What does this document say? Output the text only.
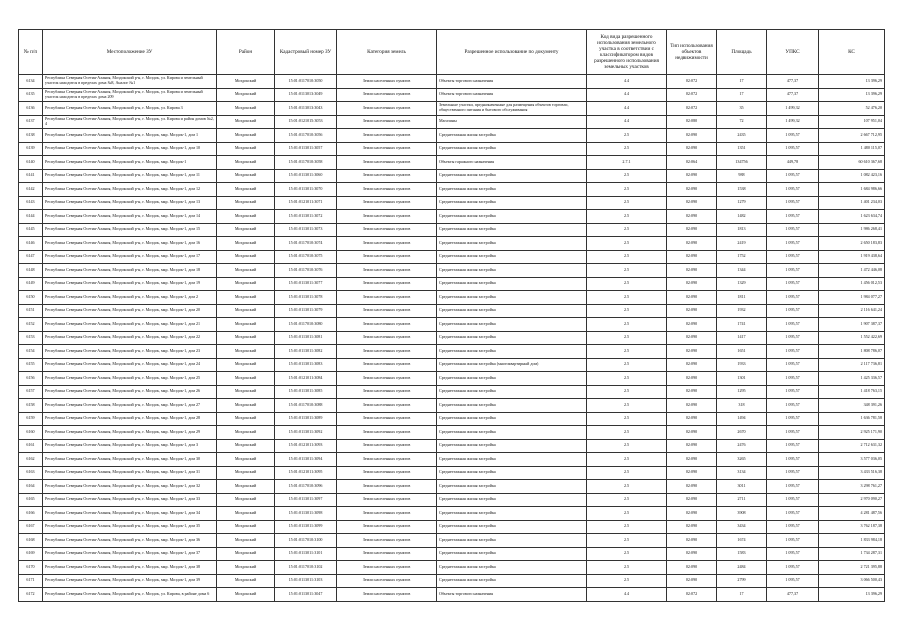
№ п/п	Местоположение ЗУ	Район	Кадастровый номер ЗУ	Категория земель	Разрешенное использование по документу	Код вида разрешенного использования земельного участка в соответствии с классификатором видов разрешенного использования земельных участков	Тип использования объектов недвижимости	Площадь	УПКС	КС
6134	Республика Северная Осетия-Алания, Моздокский р-н, г. Моздок, ул. Кирова и земельный участок находится в пределах дома №8, Аналог №1	Моздокский	15:01:0117010:3050	Земли населенных пунктов	Объекты торгового назначения	4.4	02:072	17	477,37	13 396,29
6135	Республика Северная Осетия-Алания, Моздокский р-н, г. Моздок, ул. Кирова и земельный участок находится в пределах дома 209	Моздокский	15:01:0113013:3049	Земли населенных пунктов	Объекты торгового назначения	4.4	02:072	17	477,37	13 396,29
6136	Республика Северная Осетия-Алания, Моздокский р-н, г. Моздок, ул. Кирова 3	Моздокский	15:01:0113013:3043	Земли населенных пунктов	Земельные участки, предназначенные для размещения объектов торговли, общественного питания и бытового обслуживания	4.4	02:072	35	1 499,32	52 476,20
6137	Республика Северная Осетия-Алания, Моздокский р-н, г. Моздок, ул. Кирова и район домов №2, 4	Моздокский	15:01:0121015:3053	Земли населенных пунктов	Магазины	4.4	02:080	72	1 499,32	107 951,04
6138	Республика Северная Осетия-Алания, Моздокский р-н, г. Моздок, мкр. Моздок-1, дом 1	Моздокский	15:01:0117010:3056	Земли населенных пунктов	Среднеэтажная жилая застройка	2.5	02:090	2435	1 095,57	2 667 712,95
6139	Республика Северная Осетия-Алания, Моздокский р-н, г. Моздок, мкр. Моздок-1, дом 10	Моздокский	15:01:0113011:3057	Земли населенных пунктов	Среднеэтажная жилая застройка	2.5	02:090	1351	1 095,57	1 480 115,07
6140	Республика Северная Осетия-Алания, Моздокский р-н, г. Моздок, мкр. Моздок-1	Моздокский	15:01:0117010:3058	Земли населенных пунктов	Объекты гаражного назначения	2.7.1	02:064	134756	449,78	60 610 367,68
6141	Республика Северная Осетия-Алания, Моздокский р-н, г. Моздок, мкр. Моздок-1, дом 11	Моздокский	15:01:0113011:3060	Земли населенных пунктов	Среднеэтажная жилая застройка	2.5	02:090	988	1 095,57	1 082 423,16
6142	Республика Северная Осетия-Алания, Моздокский р-н, г. Моздок, мкр. Моздок-1, дом 12	Моздокский	15:01:0113011:3070	Земли населенных пунктов	Среднеэтажная жилая застройка	2.5	02:090	1538	1 095,57	1 684 986,66
6143	Республика Северная Осетия-Алания, Моздокский р-н, г. Моздок, мкр. Моздок-1, дом 13	Моздокский	15:01:0121011:3071	Земли населенных пунктов	Среднеэтажная жилая застройка	2.5	02:090	1279	1 095,57	1 401 234,03
6144	Республика Северная Осетия-Алания, Моздокский р-н, г. Моздок, мкр. Моздок-1, дом 14	Моздокский	15:01:0113011:3072	Земли населенных пунктов	Среднеэтажная жилая застройка	2.5	02:090	1482	1 095,57	1 623 634,74
6145	Республика Северная Осетия-Алания, Моздокский р-н, г. Моздок, мкр. Моздок-1, дом 15	Моздокский	15:01:0113011:3073	Земли населенных пунктов	Среднеэтажная жилая застройка	2.5	02:090	1813	1 095,57	1 986 268,41
6146	Республика Северная Осетия-Алания, Моздокский р-н, г. Моздок, мкр. Моздок-1, дом 16	Моздокский	15:01:0117010:3074	Земли населенных пунктов	Среднеэтажная жилая застройка	2.5	02:090	2419	1 095,57	2 650 183,83
6147	Республика Северная Осетия-Алания, Моздокский р-н, г. Моздок, мкр. Моздок-1, дом 17	Моздокский	15:01:0117010:3075	Земли населенных пунктов	Среднеэтажная жилая застройка	2.5	02:090	1752	1 095,57	1 919 438,64
6148	Республика Северная Осетия-Алания, Моздокский р-н, г. Моздок, мкр. Моздок-1, дом 18	Моздокский	15:01:0117010:3076	Земли населенных пунктов	Среднеэтажная жилая застройка	2.5	02:090	1344	1 095,57	1 472 446,08
6149	Республика Северная Осетия-Алания, Моздокский р-н, г. Моздок, мкр. Моздок-1, дом 19	Моздокский	15:01:0113011:3077	Земли населенных пунктов	Среднеэтажная жилая застройка	2.5	02:090	1329	1 095,57	1 456 012,53
6150	Республика Северная Осетия-Алания, Моздокский р-н, г. Моздок, мкр. Моздок-1, дом 2	Моздокский	15:01:0113011:3078	Земли населенных пунктов	Среднеэтажная жилая застройка	2.5	02:090	1811	1 095,57	1 984 077,27
6151	Республика Северная Осетия-Алания, Моздокский р-н, г. Моздок, мкр. Моздок-1, дом 20	Моздокский	15:01:0113011:3079	Земли населенных пунктов	Среднеэтажная жилая застройка	2.5	02:090	1932	1 095,57	2 116 641,24
6152	Республика Северная Осетия-Алания, Моздокский р-н, г. Моздок, мкр. Моздок-1, дом 21	Моздокский	15:01:0117010:3080	Земли населенных пунктов	Среднеэтажная жилая застройка	2.5	02:090	1741	1 095,57	1 907 387,37
6153	Республика Северная Осетия-Алания, Моздокский р-н, г. Моздок, мкр. Моздок-1, дом 22	Моздокский	15:01:0113011:3081	Земли населенных пунктов	Среднеэтажная жилая застройка	2.5	02:090	1417	1 095,57	1 552 422,69
6154	Республика Северная Осетия-Алания, Моздокский р-н, г. Моздок, мкр. Моздок-1, дом 23	Моздокский	15:01:0113011:3082	Земли населенных пунктов	Среднеэтажная жилая застройка	2.5	02:090	1651	1 095,57	1 808 786,07
6155	Республика Северная Осетия-Алания, Моздокский р-н, г. Моздок, мкр. Моздок-1, дом 24	Моздокский	15:01:0113011:3083	Земли населенных пунктов	Среднеэтажная жилая застройка (многоквартирный дом)	2.5	02:090	1933	1 095,57	2 117 736,81
6156	Республика Северная Осетия-Алания, Моздокский р-н, г. Моздок, мкр. Моздок-1, дом 25	Моздокский	15:01:0121011:3084	Земли населенных пунктов	Среднеэтажная жилая застройка	2.5	02:090	1301	1 095,57	1 425 336,57
6157	Республика Северная Осетия-Алания, Моздокский р-н, г. Моздок, мкр. Моздок-1, дом 26	Моздокский	15:01:0113011:3085	Земли населенных пунктов	Среднеэтажная жилая застройка	2.5	02:090	1295	1 095,57	1 418 763,15
6158	Республика Северная Осетия-Алания, Моздокский р-н, г. Моздок, мкр. Моздок-1, дом 27	Моздокский	15:01:0117010:3088	Земли населенных пунктов	Среднеэтажная жилая застройка	2.5	02:090	318	1 095,57	348 391,26
6159	Республика Северная Осетия-Алания, Моздокский р-н, г. Моздок, мкр. Моздок-1, дом 28	Моздокский	15:01:0113011:3089	Земли населенных пунктов	Среднеэтажная жилая застройка	2.5	02:090	1494	1 095,57	1 636 781,58
6160	Республика Северная Осетия-Алания, Моздокский р-н, г. Моздок, мкр. Моздок-1, дом 29	Моздокский	15:01:0113011:3092	Земли населенных пунктов	Среднеэтажная жилая застройка	2.5	02:090	2670	1 095,57	2 925 171,90
6161	Республика Северная Осетия-Алания, Моздокский р-н, г. Моздок, мкр. Моздок-1, дом 3	Моздокский	15:01:0121011:3093	Земли населенных пунктов	Среднеэтажная жилая застройка	2.5	02:090	2476	1 095,57	2 712 631,32
6162	Республика Северная Осетия-Алания, Моздокский р-н, г. Моздок, мкр. Моздок-1, дом 30	Моздокский	15:01:0113011:3094	Земли населенных пунктов	Среднеэтажная жилая застройка	2.5	02:090	3265	1 095,57	3 577 036,05
6163	Республика Северная Осетия-Алания, Моздокский р-н, г. Моздок, мкр. Моздок-1, дом 31	Моздокский	15:01:0121011:3095	Земли населенных пунктов	Среднеэтажная жилая застройка	2.5	02:090	3134	1 095,57	3 433 516,38
6164	Республика Северная Осетия-Алания, Моздокский р-н, г. Моздок, мкр. Моздок-1, дом 32	Моздокский	15:01:0117010:3096	Земли населенных пунктов	Среднеэтажная жилая застройка	2.5	02:090	3011	1 095,57	3 298 761,27
6165	Республика Северная Осетия-Алания, Моздокский р-н, г. Моздок, мкр. Моздок-1, дом 33	Моздокский	15:01:0113011:3097	Земли населенных пунктов	Среднеэтажная жилая застройка	2.5	02:090	2711	1 095,57	2 970 090,27
6166	Республика Северная Осетия-Алания, Моздокский р-н, г. Моздок, мкр. Моздок-1, дом 34	Моздокский	15:01:0113011:3098	Земли населенных пунктов	Среднеэтажная жилая застройка	2.5	02:090	3908	1 095,57	4 281 487,56
6167	Республика Северная Осетия-Алания, Моздокский р-н, г. Моздок, мкр. Моздок-1, дом 35	Моздокский	15:01:0113011:3099	Земли населенных пунктов	Среднеэтажная жилая застройка	2.5	02:090	3434	1 095,57	3 762 187,38
6168	Республика Северная Осетия-Алания, Моздокский р-н, г. Моздок, мкр. Моздок-1, дом 36	Моздокский	15:01:0117010:3100	Земли населенных пунктов	Среднеэтажная жилая застройка	2.5	02:090	1674	1 095,57	1 833 984,18
6169	Республика Северная Осетия-Алания, Моздокский р-н, г. Моздок, мкр. Моздок-1, дом 37	Моздокский	15:01:0113011:3101	Земли населенных пунктов	Среднеэтажная жилая застройка	2.5	02:090	1583	1 095,57	1 734 287,31
6170	Республика Северная Осетия-Алания, Моздокский р-н, г. Моздок, мкр. Моздок-1, дом 38	Моздокский	15:01:0117010:3102	Земли населенных пунктов	Среднеэтажная жилая застройка	2.5	02:090	2484	1 095,57	2 721 395,88
6171	Республика Северная Осетия-Алания, Моздокский р-н, г. Моздок, мкр. Моздок-1, дом 39	Моздокский	15:01:0113011:3103	Земли населенных пунктов	Среднеэтажная жилая застройка	2.5	02:090	2799	1 095,57	3 066 500,43
6172	Республика Северная Осетия-Алания, Моздокский р-н, г. Моздок, ул. Кирова, в районе дома 6	Моздокский	15:01:0113011:3047	Земли населенных пунктов	Объекты торгового назначения	4.4	02:072	17	477,37	13 396,29
